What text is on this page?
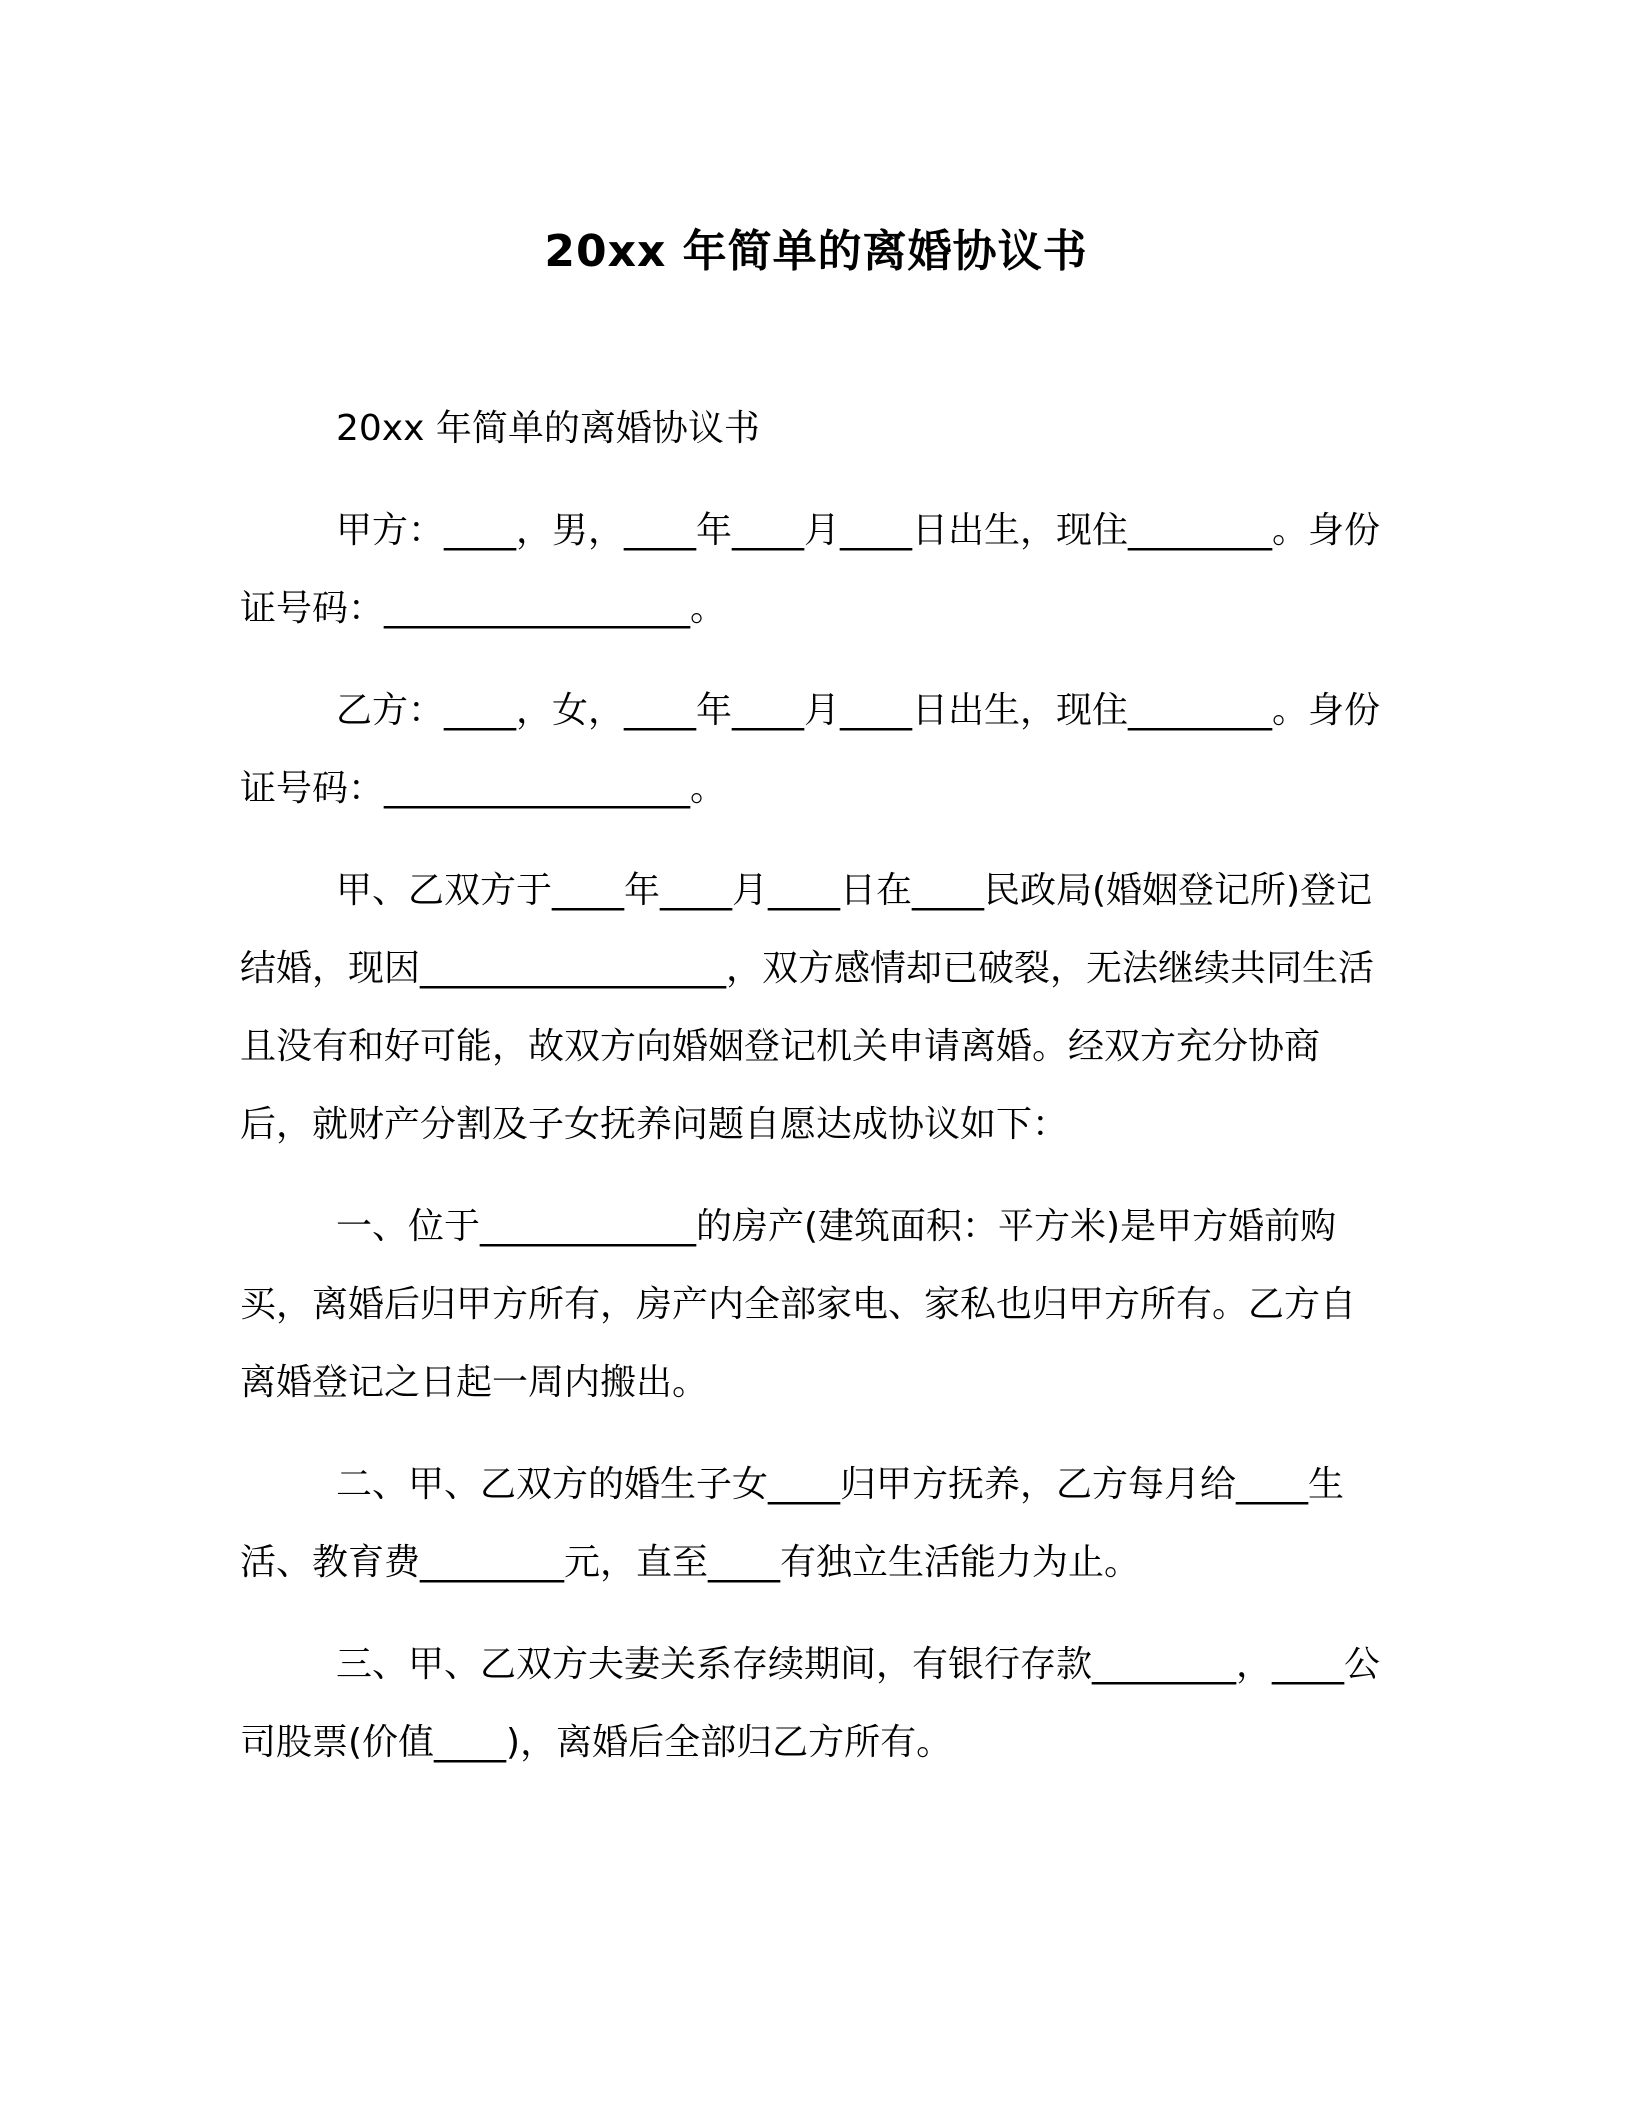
20xx 年简单的离婚协议书

20xx 年简单的离婚协议书

甲方：____，男，____年____月____日出生，现住________。身份证号码：_________________。

乙方：____，女，____年____月____日出生，现住________。身份证号码：_________________。

甲、乙双方于____年____月____日在____民政局(婚姻登记所)登记结婚，现因_________________，双方感情却已破裂，无法继续共同生活且没有和好可能，故双方向婚姻登记机关申请离婚。经双方充分协商后，就财产分割及子女抚养问题自愿达成协议如下：

一、位于____________的房产(建筑面积：平方米)是甲方婚前购买，离婚后归甲方所有，房产内全部家电、家私也归甲方所有。乙方自离婚登记之日起一周内搬出。

二、甲、乙双方的婚生子女____归甲方抚养，乙方每月给____生活、教育费________元，直至____有独立生活能力为止。

三、甲、乙双方夫妻关系存续期间，有银行存款________，____公司股票(价值____)，离婚后全部归乙方所有。
